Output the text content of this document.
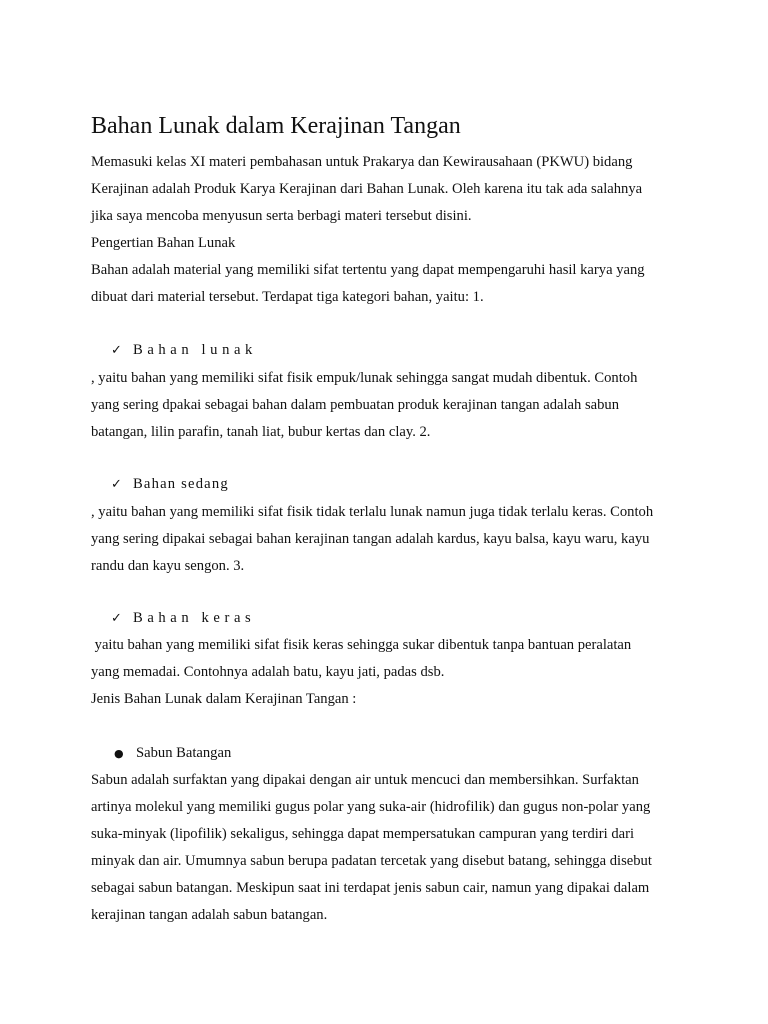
Bahan Lunak dalam Kerajinan Tangan
Memasuki kelas XI materi pembahasan untuk Prakarya dan Kewirausahaan (PKWU) bidang
Kerajinan adalah Produk Karya Kerajinan dari Bahan Lunak. Oleh karena itu tak ada salahnya
jika saya mencoba menyusun serta berbagi materi tersebut disini.
Pengertian Bahan Lunak
Bahan adalah material yang memiliki sifat tertentu yang dapat mempengaruhi hasil karya yang
dibuat dari material tersebut. Terdapat tiga kategori bahan, yaitu: 1.
✓ Bahan lunak
, yaitu bahan yang memiliki sifat fisik empuk/lunak sehingga sangat mudah dibentuk. Contoh
yang sering dpakai sebagai bahan dalam pembuatan produk kerajinan tangan adalah sabun
batangan, lilin parafin, tanah liat, bubur kertas dan clay. 2.
✓ Bahan sedang
, yaitu bahan yang memiliki sifat fisik tidak terlalu lunak namun juga tidak terlalu keras. Contoh
yang sering dipakai sebagai bahan kerajinan tangan adalah kardus, kayu balsa, kayu waru, kayu
randu dan kayu sengon. 3.
✓ Bahan keras
yaitu bahan yang memiliki sifat fisik keras sehingga sukar dibentuk tanpa bantuan peralatan
yang memadai. Contohnya adalah batu, kayu jati, padas dsb.
Jenis Bahan Lunak dalam Kerajinan Tangan :
● Sabun Batangan
Sabun adalah surfaktan yang dipakai dengan air untuk mencuci dan membersihkan. Surfaktan
artinya molekul yang memiliki gugus polar yang suka-air (hidrofilik) dan gugus non-polar yang
suka-minyak (lipofilik) sekaligus, sehingga dapat mempersatukan campuran yang terdiri dari
minyak dan air. Umumnya sabun berupa padatan tercetak yang disebut batang, sehingga disebut
sebagai sabun batangan. Meskipun saat ini terdapat jenis sabun cair, namun yang dipakai dalam
kerajinan tangan adalah sabun batangan.
